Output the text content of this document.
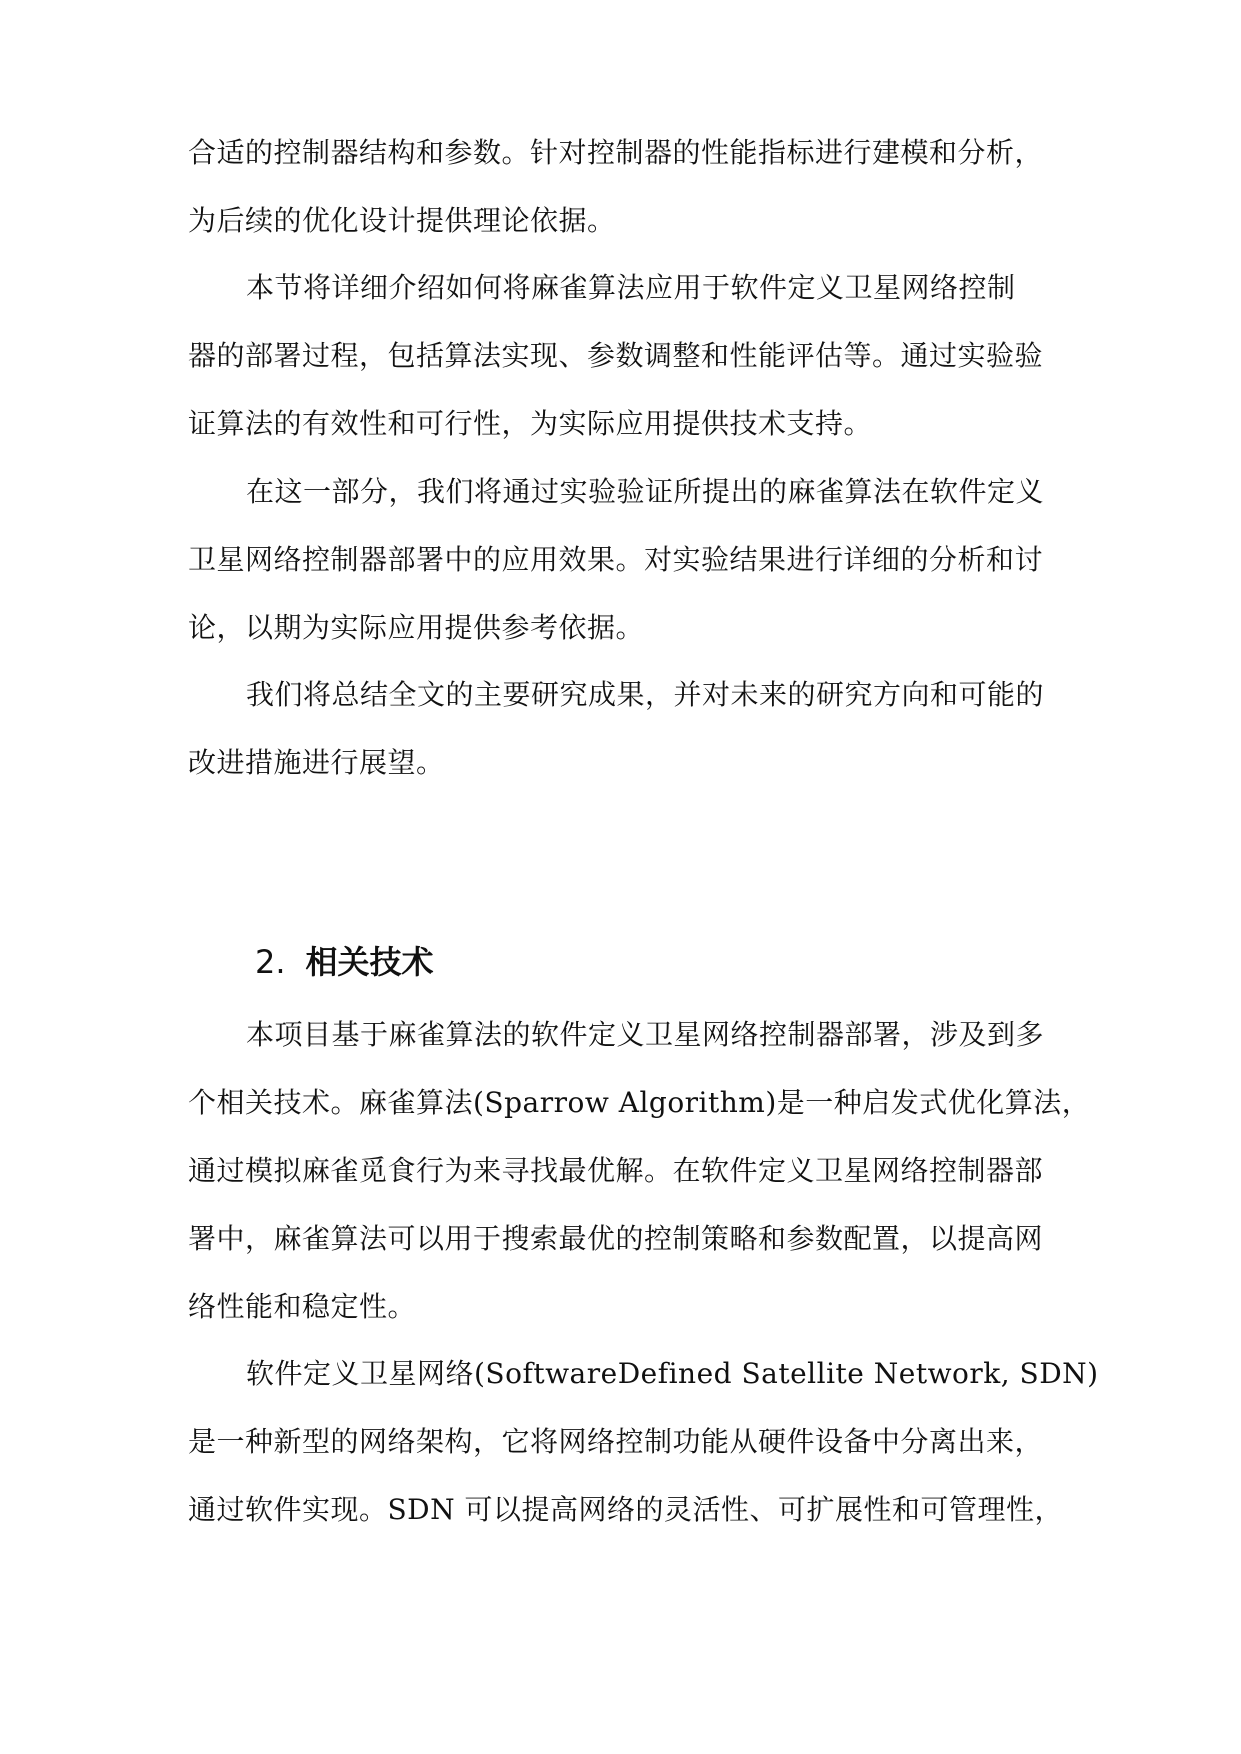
合适的控制器结构和参数。针对控制器的性能指标进行建模和分析，
为后续的优化设计提供理论依据。
本节将详细介绍如何将麻雀算法应用于软件定义卫星网络控制
器的部署过程，包括算法实现、参数调整和性能评估等。通过实验验
证算法的有效性和可行性，为实际应用提供技术支持。
在这一部分，我们将通过实验验证所提出的麻雀算法在软件定义
卫星网络控制器部署中的应用效果。对实验结果进行详细的分析和讨
论，以期为实际应用提供参考依据。
我们将总结全文的主要研究成果，并对未来的研究方向和可能的
改进措施进行展望。
2. 相关技术
本项目基于麻雀算法的软件定义卫星网络控制器部署，涉及到多
个相关技术。麻雀算法(Sparrow Algorithm)是一种启发式优化算法，
通过模拟麻雀觅食行为来寻找最优解。在软件定义卫星网络控制器部
署中，麻雀算法可以用于搜索最优的控制策略和参数配置，以提高网
络性能和稳定性。
软件定义卫星网络(SoftwareDefined Satellite Network, SDN)
是一种新型的网络架构，它将网络控制功能从硬件设备中分离出来，
通过软件实现。SDN 可以提高网络的灵活性、可扩展性和可管理性，
